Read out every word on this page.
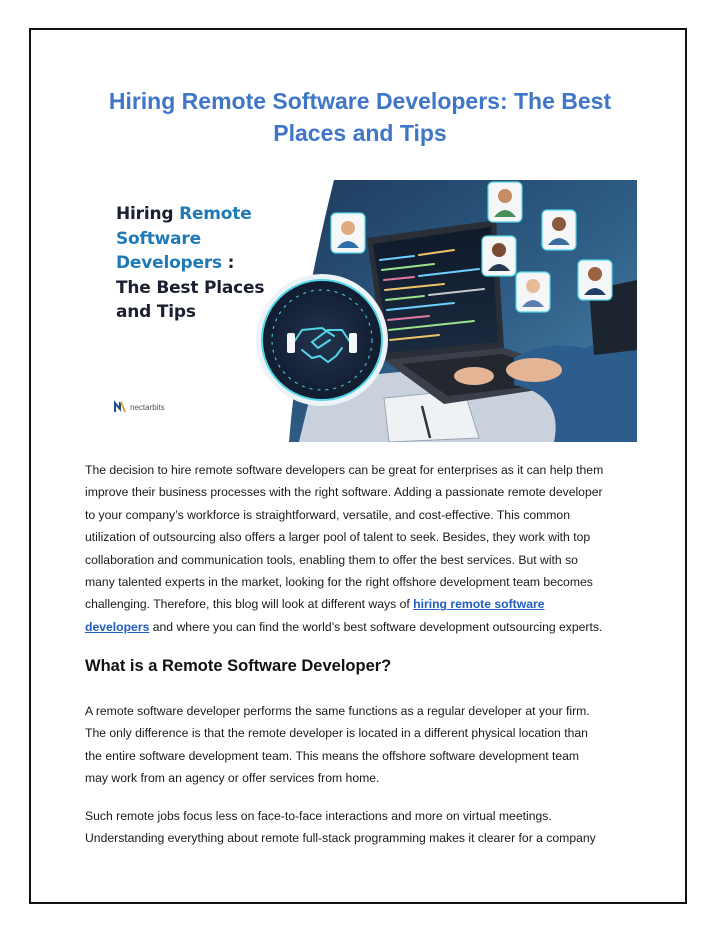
Hiring Remote Software Developers: The Best
Places and Tips
Hiring Remote
Software
Developers :
The Best Places
and Tips
nectarbits

The decision to hire remote software developers can be great for enterprises as it can help them
improve their business processes with the right software. Adding a passionate remote developer
to your company’s workforce is straightforward, versatile, and cost-effective. This common
utilization of outsourcing also offers a larger pool of talent to seek. Besides, they work with top
collaboration and communication tools, enabling them to offer the best services. But with so
many talented experts in the market, looking for the right offshore development team becomes
challenging. Therefore, this blog will look at different ways of hiring remote software
developers and where you can find the world’s best software development outsourcing experts.

What is a Remote Software Developer?

A remote software developer performs the same functions as a regular developer at your firm.
The only difference is that the remote developer is located in a different physical location than
the entire software development team. This means the offshore software development team
may work from an agency or offer services from home.

Such remote jobs focus less on face-to-face interactions and more on virtual meetings.
Understanding everything about remote full-stack programming makes it clearer for a company
